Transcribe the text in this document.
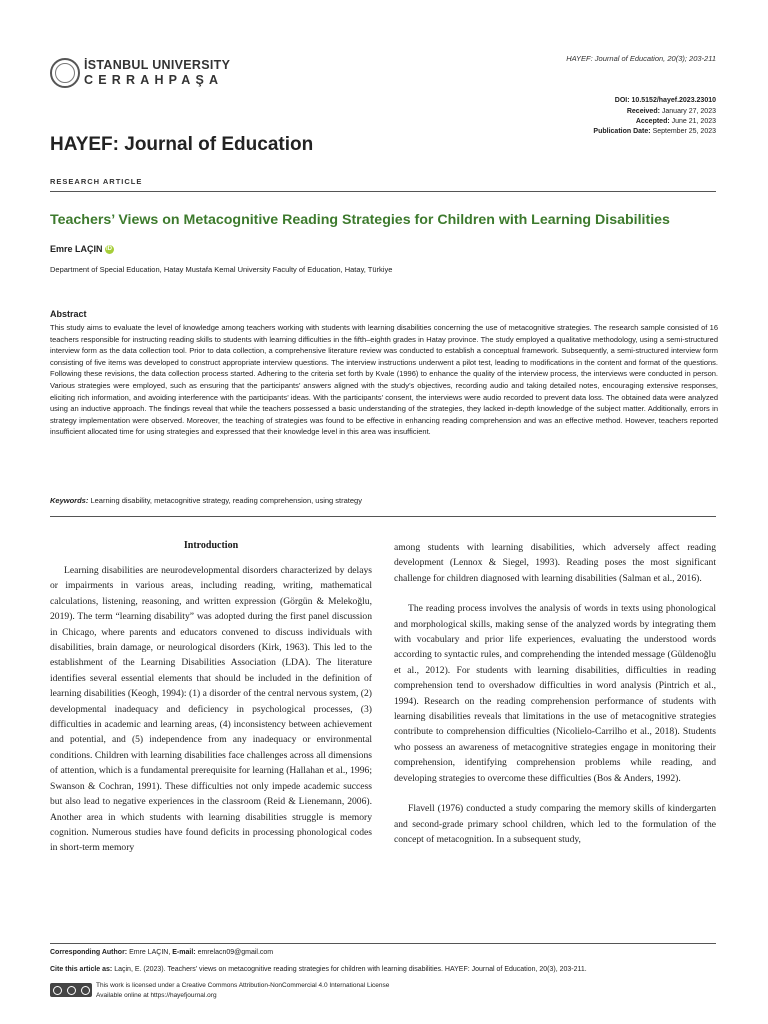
İSTANBUL UNIVERSITY
CERRAHPAŞA
HAYEF: Journal of Education, 20(3); 203-211
DOI: 10.5152/hayef.2023.23010
Received: January 27, 2023
Accepted: June 21, 2023
Publication Date: September 25, 2023
HAYEF: Journal of Education
RESEARCH ARTICLE
Teachers’ Views on Metacognitive Reading Strategies for Children with Learning Disabilities
Emre LAÇIN iD
Department of Special Education, Hatay Mustafa Kemal University Faculty of Education, Hatay, Türkiye
Abstract
This study aims to evaluate the level of knowledge among teachers working with students with learning disabilities concerning the use of metacognitive strategies. The research sample consisted of 16 teachers responsible for instructing reading skills to students with learning difficulties in the fifth–eighth grades in Hatay province. The study employed a qualitative methodology, using a semi-structured interview form as the data collection tool. Prior to data collection, a comprehensive literature review was conducted to establish a conceptual framework. Subsequently, a semi-structured interview form consisting of five items was developed to construct appropriate interview questions. The interview instructions underwent a pilot test, leading to modifications in the content and format of the questions. Following these revisions, the data collection process started. Adhering to the criteria set forth by Kvale (1996) to enhance the quality of the interview process, the interviews were conducted in person. Various strategies were employed, such as ensuring that the participants’ answers aligned with the study’s objectives, recording audio and taking detailed notes, encouraging extensive responses, eliciting rich information, and avoiding interference with the participants’ ideas. With the participants’ consent, the interviews were audio recorded to prevent data loss. The obtained data were analyzed using an inductive approach. The findings reveal that while the teachers possessed a basic understanding of the strategies, they lacked in-depth knowledge of the subject matter. Additionally, errors in strategy implementation were observed. Moreover, the teaching of strategies was found to be effective in enhancing reading comprehension and was an effective method. However, teachers reported insufficient allocated time for using strategies and expressed that their knowledge level in this area was insufficient.
Keywords: Learning disability, metacognitive strategy, reading comprehension, using strategy
Introduction

Learning disabilities are neurodevelopmental disorders characterized by delays or impairments in various areas, including reading, writing, mathematical calculations, listening, reasoning, and written expression (Görgün & Melekoğlu, 2019). The term “learning disability” was adopted during the first panel discussion in Chicago, where parents and educators convened to discuss individuals with disabilities, brain damage, or neurological disorders (Kirk, 1963). This led to the establishment of the Learning Disabilities Association (LDA). The literature identifies several essential elements that should be included in the definition of learning disabilities (Keogh, 1994): (1) a disorder of the central nervous system, (2) developmental inadequacy and deficiency in psychological processes, (3) difficulties in academic and learning areas, (4) inconsistency between achievement and potential, and (5) independence from any inadequacy or environmental conditions. Children with learning disabilities face challenges across all dimensions of attention, which is a fundamental prerequisite for learning (Hallahan et al., 1996; Swanson & Cochran, 1991). These difficulties not only impede academic success but also lead to negative experiences in the classroom (Reid & Lienemann, 2006). Another area in which students with learning disabilities struggle is memory cognition. Numerous studies have found deficits in processing phonological codes in short-term memory

among students with learning disabilities, which adversely affect reading development (Lennox & Siegel, 1993). Reading poses the most significant challenge for children diagnosed with learning disabilities (Salman et al., 2016).

The reading process involves the analysis of words in texts using phonological and morphological skills, making sense of the analyzed words by integrating them with vocabulary and prior life experiences, evaluating the understood words according to syntactic rules, and comprehending the intended message (Güldenoğlu et al., 2012). For students with learning disabilities, difficulties in reading comprehension tend to overshadow difficulties in word analysis (Pintrich et al., 1994). Research on the reading comprehension performance of students with learning disabilities reveals that limitations in the use of metacognitive strategies contribute to comprehension difficulties (Nicolielo-Carrilho et al., 2018). Students who possess an awareness of metacognitive strategies engage in monitoring their comprehension, identifying comprehension problems while reading, and developing strategies to overcome these difficulties (Bos & Anders, 1992).

Flavell (1976) conducted a study comparing the memory skills of kindergarten and second-grade primary school children, which led to the formulation of the concept of metacognition. In a subsequent study,

Corresponding Author: Emre LAÇIN, E-mail: emrelacn09@gmail.com
Cite this article as: Laçin, E. (2023). Teachers’ views on metacognitive reading strategies for children with learning disabilities. HAYEF: Journal of Education, 20(3), 203-211.
This work is licensed under a Creative Commons Attribution-NonCommercial 4.0 International License
Available online at https://hayefjournal.org
